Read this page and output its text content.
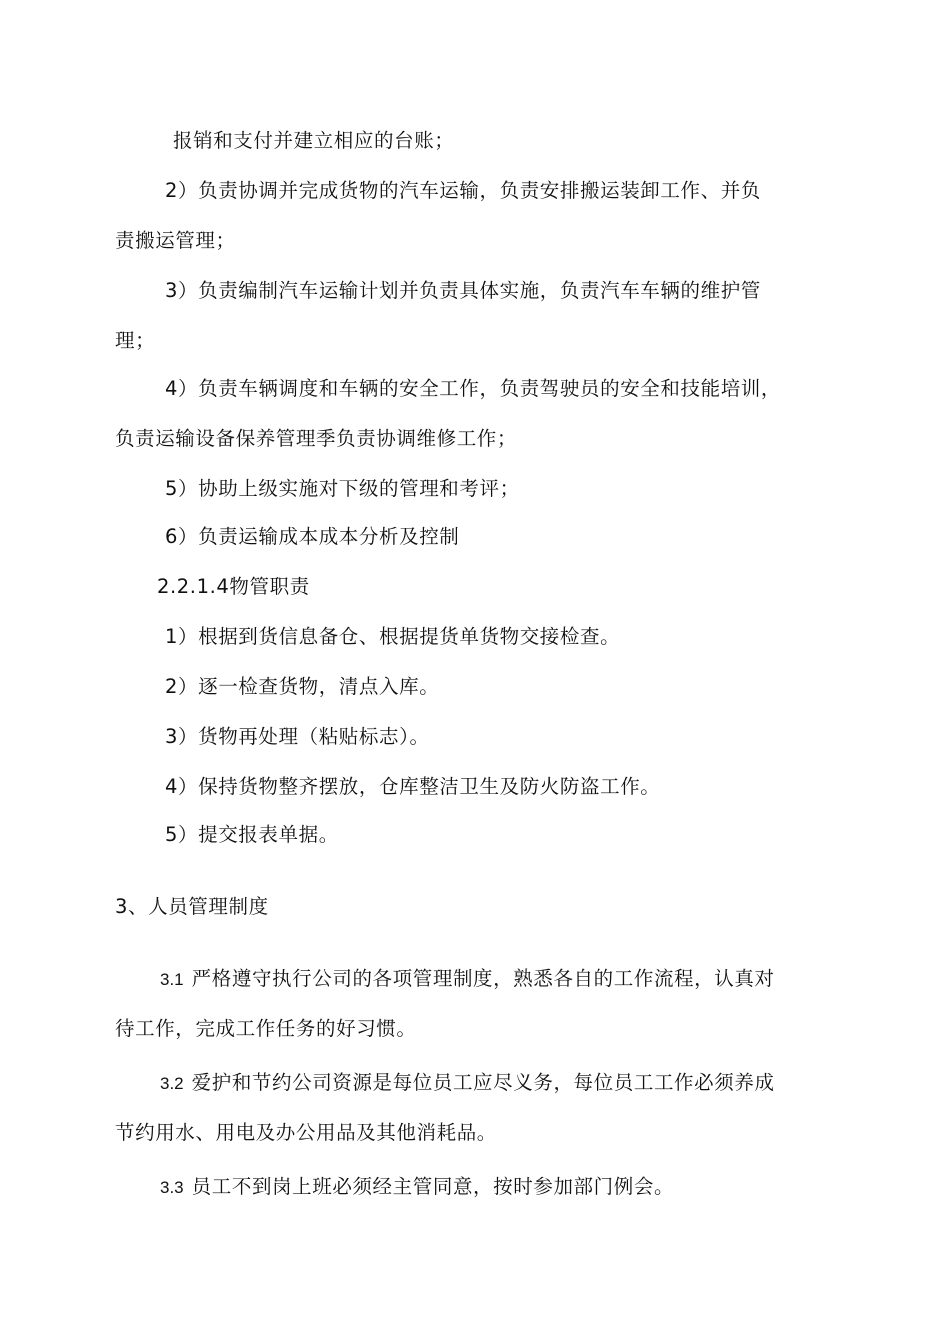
报销和支付并建立相应的台账；
2）负责协调并完成货物的汽车运输，负责安排搬运装卸工作、并负
责搬运管理；
3）负责编制汽车运输计划并负责具体实施，负责汽车车辆的维护管
理；
4）负责车辆调度和车辆的安全工作，负责驾驶员的安全和技能培训，
负责运输设备保养管理季负责协调维修工作；
5）协助上级实施对下级的管理和考评；
6）负责运输成本成本分析及控制
2.2.1.4物管职责
1）根据到货信息备仓、根据提货单货物交接检查。
2）逐一检查货物，清点入库。
3）货物再处理（粘贴标志）。
4）保持货物整齐摆放，仓库整洁卫生及防火防盗工作。
5）提交报表单据。
3、人员管理制度
3.1 严格遵守执行公司的各项管理制度，熟悉各自的工作流程，认真对
待工作，完成工作任务的好习惯。
3.2 爱护和节约公司资源是每位员工应尽义务，每位员工工作必须养成
节约用水、用电及办公用品及其他消耗品。
3.3 员工不到岗上班必须经主管同意，按时参加部门例会。
